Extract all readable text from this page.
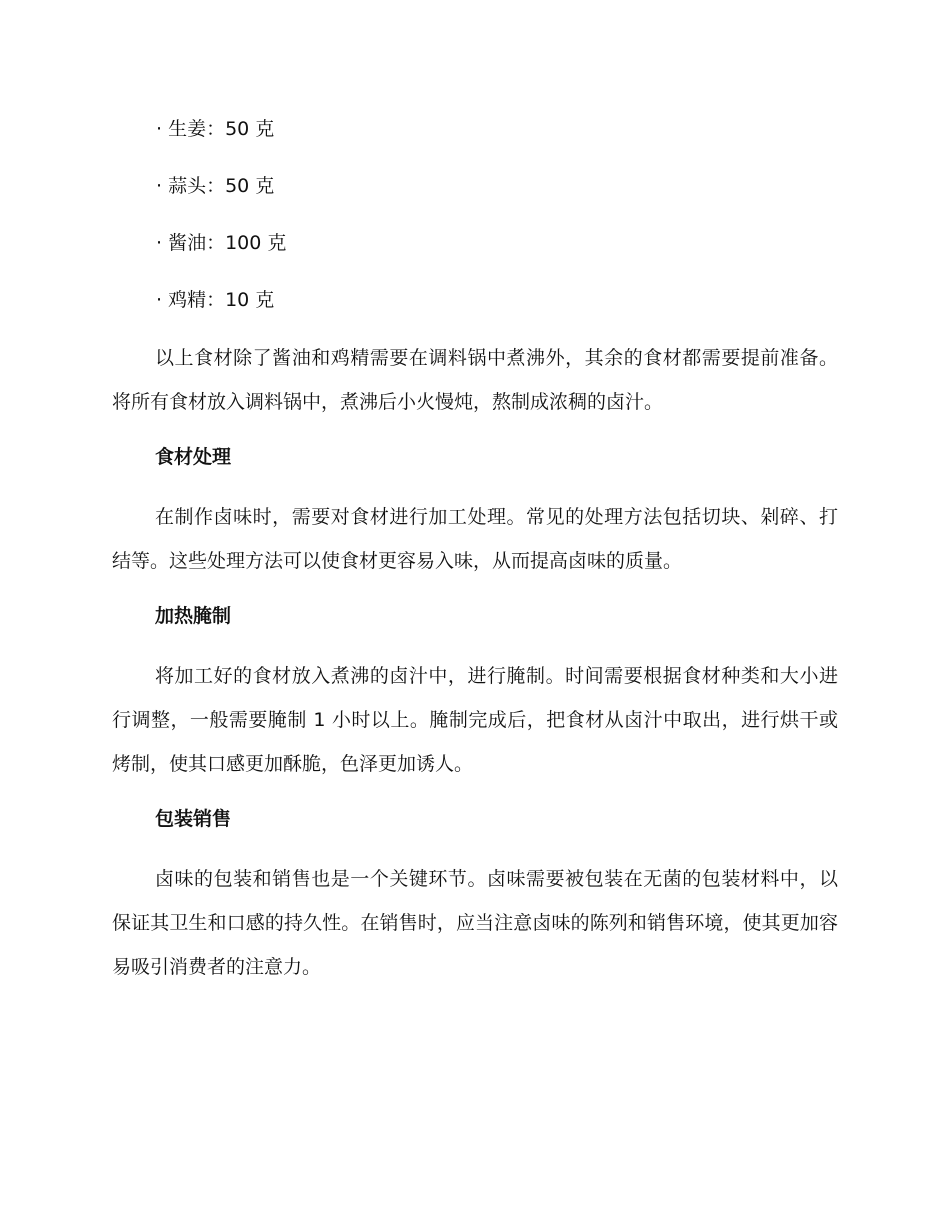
· 生姜：50 克
· 蒜头：50 克
· 酱油：100 克
· 鸡精：10 克

以上食材除了酱油和鸡精需要在调料锅中煮沸外，其余的食材都需要提前准备。将所有食材放入调料锅中，煮沸后小火慢炖，熬制成浓稠的卤汁。

食材处理

在制作卤味时，需要对食材进行加工处理。常见的处理方法包括切块、剁碎、打结等。这些处理方法可以使食材更容易入味，从而提高卤味的质量。

加热腌制

将加工好的食材放入煮沸的卤汁中，进行腌制。时间需要根据食材种类和大小进行调整，一般需要腌制 1 小时以上。腌制完成后，把食材从卤汁中取出，进行烘干或烤制，使其口感更加酥脆，色泽更加诱人。

包装销售

卤味的包装和销售也是一个关键环节。卤味需要被包装在无菌的包装材料中，以保证其卫生和口感的持久性。在销售时，应当注意卤味的陈列和销售环境，使其更加容易吸引消费者的注意力。
